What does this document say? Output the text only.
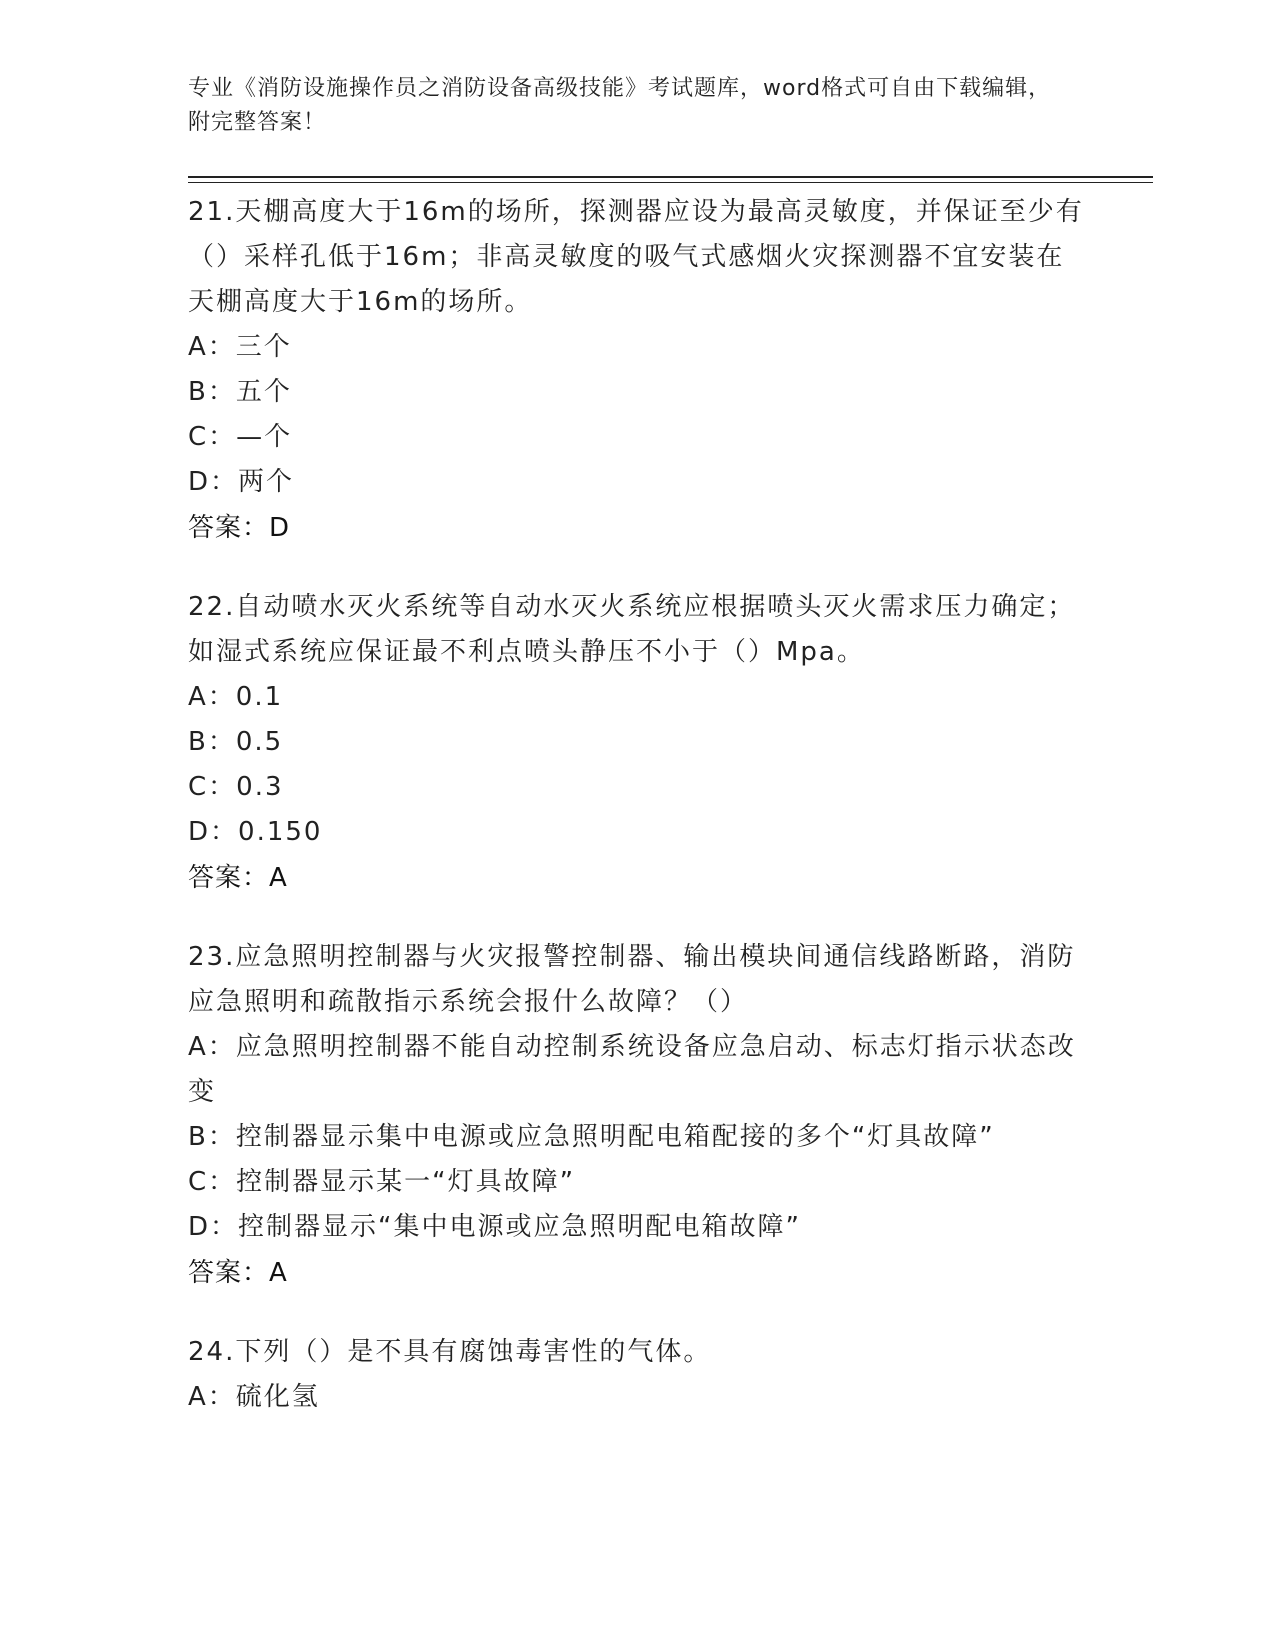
专业《消防设施操作员之消防设备高级技能》考试题库，word格式可自由下载编辑，附完整答案！

21.天棚高度大于16m的场所，探测器应设为最高灵敏度，并保证至少有（）采样孔低于16m；非高灵敏度的吸气式感烟火灾探测器不宜安装在天棚高度大于16m的场所。

A：三个

B：五个

C：—个

D：两个

答案：D

22.自动喷水灭火系统等自动水灭火系统应根据喷头灭火需求压力确定；如湿式系统应保证最不利点喷头静压不小于（）Mpa。

A：0.1

B：0.5

C：0.3

D：0.150

答案：A

23.应急照明控制器与火灾报警控制器、输出模块间通信线路断路，消防应急照明和疏散指示系统会报什么故障？（）

A：应急照明控制器不能自动控制系统设备应急启动、标志灯指示状态改变

B：控制器显示集中电源或应急照明配电箱配接的多个“灯具故障”

C：控制器显示某一“灯具故障”

D：控制器显示“集中电源或应急照明配电箱故障”

答案：A

24.下列（）是不具有腐蚀毒害性的气体。

A：硫化氢
